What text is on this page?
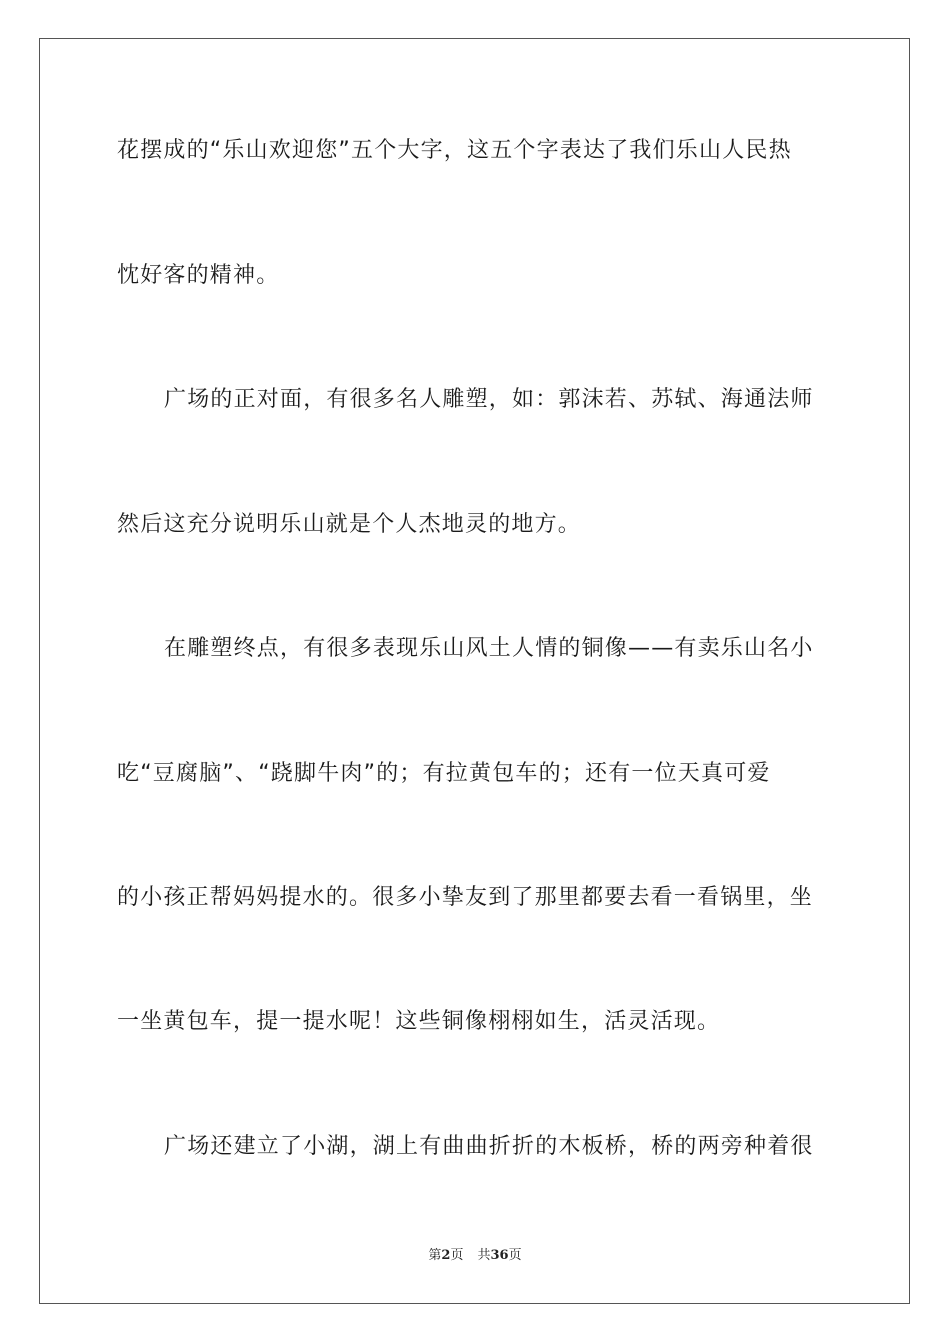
花摆成的“乐山欢迎您”五个大字，这五个字表达了我们乐山人民热
忱好客的精神。
广场的正对面，有很多名人雕塑，如：郭沫若、苏轼、海通法师
然后这充分说明乐山就是个人杰地灵的地方。
在雕塑终点，有很多表现乐山风土人情的铜像——有卖乐山名小
吃“豆腐脑”、“跷脚牛肉”的；有拉黄包车的；还有一位天真可爱
的小孩正帮妈妈提水的。很多小挚友到了那里都要去看一看锅里，坐
一坐黄包车，提一提水呢！这些铜像栩栩如生，活灵活现。
广场还建立了小湖，湖上有曲曲折折的木板桥，桥的两旁种着很
第2页 共36页
